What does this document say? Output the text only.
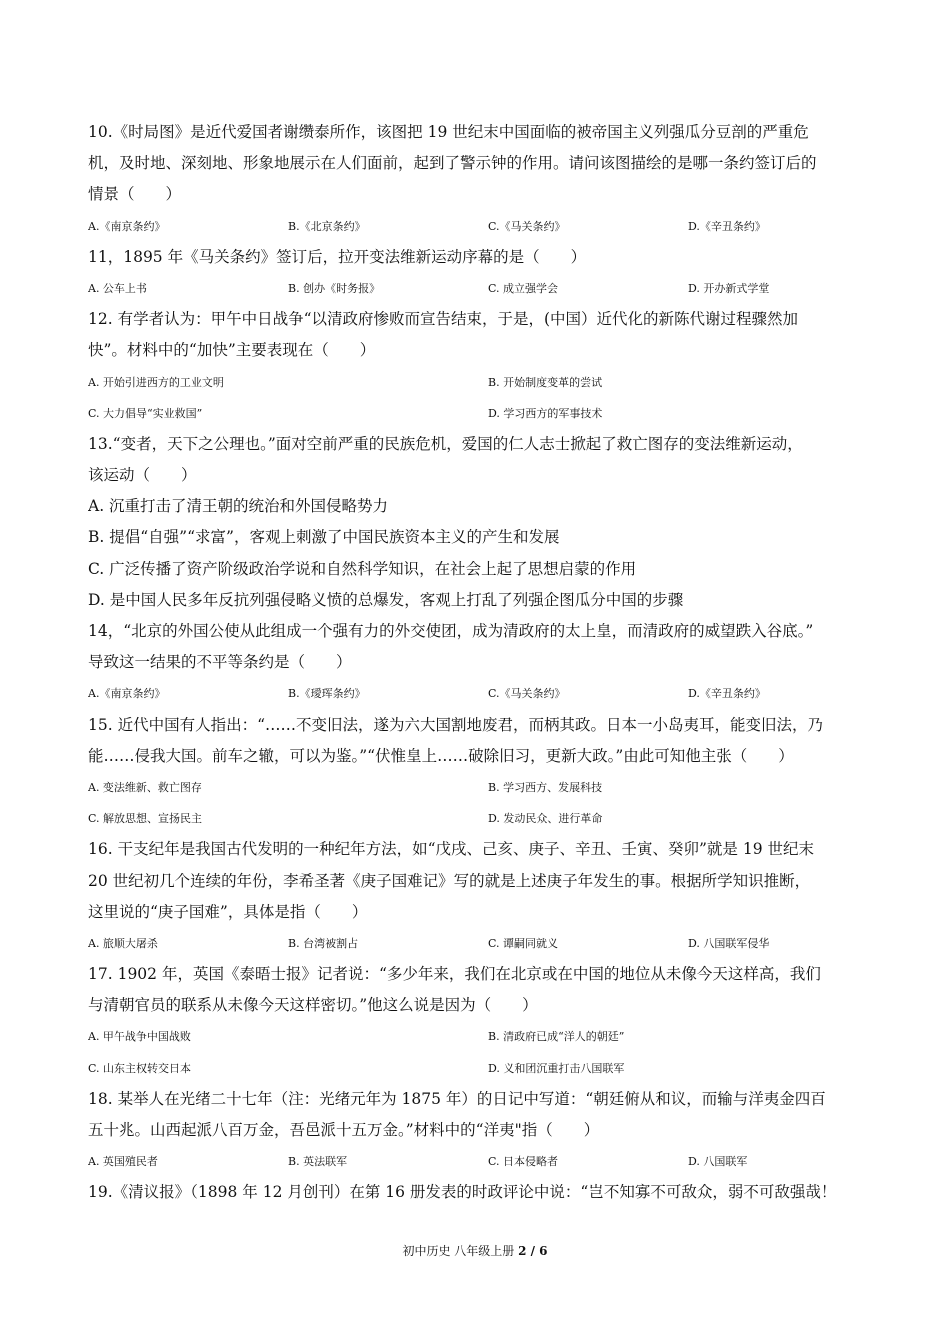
10.《时局图》是近代爱国者谢缵泰所作，该图把 19 世纪末中国面临的被帝国主义列强瓜分豆剖的严重危
机，及时地、深刻地、形象地展示在人们面前，起到了警示钟的作用。请问该图描绘的是哪一条约签订后的
情景（　　）
A.《南京条约》	B.《北京条约》	C.《马关条约》	D.《辛丑条约》
11，1895 年《马关条约》签订后，拉开变法维新运动序幕的是（　　）
A. 公车上书	B. 创办《时务报》	C. 成立强学会	D. 开办新式学堂
12. 有学者认为：甲午中日战争“以清政府惨败而宣告结束，于是，(中国）近代化的新陈代谢过程骤然加
快”。材料中的“加快”主要表现在（　　）
A. 开始引进西方的工业文明	B. 开始制度变革的尝试
C. 大力倡导“实业救国”	D. 学习西方的军事技术
13.“变者，天下之公理也。”面对空前严重的民族危机，爱国的仁人志士掀起了救亡图存的变法维新运动，
该运动（　　）
A. 沉重打击了清王朝的统治和外国侵略势力
B. 提倡“自强”“求富”，客观上刺激了中国民族资本主义的产生和发展
C. 广泛传播了资产阶级政治学说和自然科学知识，在社会上起了思想启蒙的作用
D. 是中国人民多年反抗列强侵略义愤的总爆发，客观上打乱了列强企图瓜分中国的步骤
14，“北京的外国公使从此组成一个强有力的外交使团，成为清政府的太上皇，而清政府的威望跌入谷底。”
导致这一结果的不平等条约是（　　）
A.《南京条约》	B.《璦珲条约》	C.《马关条约》	D.《辛丑条约》
15. 近代中国有人指出：“……不变旧法，遂为六大国割地废君，而柄其政。日本一小岛夷耳，能变旧法，乃
能……侵我大国。前车之辙，可以为鉴。”“伏惟皇上……破除旧习，更新大政。”由此可知他主张（　　）
A. 变法维新、救亡图存	B. 学习西方、发展科技
C. 解放思想、宣扬民主	D. 发动民众、进行革命
16. 干支纪年是我国古代发明的一种纪年方法，如“戊戌、己亥、庚子、辛丑、壬寅、癸卯”就是 19 世纪末
20 世纪初几个连续的年份，李希圣著《庚子国难记》写的就是上述庚子年发生的事。根据所学知识推断，
这里说的“庚子国难”，具体是指（　　）
A. 旅顺大屠杀	B. 台湾被割占	C. 谭嗣同就义	D. 八国联军侵华
17. 1902 年，英国《泰晤士报》记者说：“多少年来，我们在北京或在中国的地位从未像今天这样高，我们
与清朝官员的联系从未像今天这样密切。”他这么说是因为（　　）
A. 甲午战争中国战败	B. 清政府已成“洋人的朝廷”
C. 山东主权转交日本	D. 义和团沉重打击八国联军
18. 某举人在光绪二十七年（注：光绪元年为 1875 年）的日记中写道：“朝廷俯从和议，而输与洋夷金四百
五十兆。山西起派八百万金，吾邑派十五万金。”材料中的“洋夷"指（　　）
A. 英国殖民者	B. 英法联军	C. 日本侵略者	D. 八国联军
19.《清议报》（1898 年 12 月创刊）在第 16 册发表的时政评论中说：“岂不知寡不可敌众，弱不可敌强哉！
初中历史 八年级上册 2 / 6
